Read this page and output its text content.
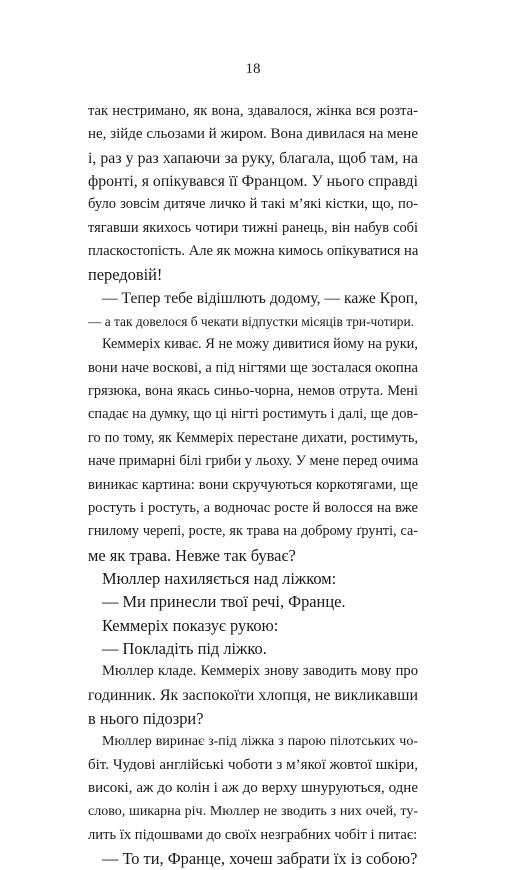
18
так нестримано, як вона, здавалося, жінка вся розта-
не, зійде сльозами й жиром. Вона дивилася на мене
і, раз у раз хапаючи за руку, благала, щоб там, на
фронті, я опікувався її Францом. У нього справді
було зовсім дитяче личко й такі м’які кістки, що, по-
тягавши якихось чотири тижні ранець, він набув собі
пласкостопість. Але як можна кимось опікуватися на
передовій!
— Тепер тебе відішлють додому, — каже Кроп,
— а так довелося б чекати відпустки місяців три-чотири.
Кеммеріх киває. Я не можу дивитися йому на руки,
вони наче воскові, а під нігтями ще зосталася окопна
грязюка, вона якась синьо-чорна, немов отрута. Мені
спадає на думку, що ці нігті ростимуть і далі, ще дов-
го по тому, як Кеммеріх перестане дихати, ростимуть,
наче примарні білі гриби у льоху. У мене перед очима
виникає картина: вони скручуються коркотягами, ще
ростуть і ростуть, а водночас росте й волосся на вже
гнилому черепі, росте, як трава на доброму ґрунті, са-
ме як трава. Невже так буває?
Мюллер нахиляється над ліжком:
— Ми принесли твої речі, Франце.
Кеммеріх показує рукою:
— Покладіть під ліжко.
Мюллер кладе. Кеммеріх знову заводить мову про
годинник. Як заспокоїти хлопця, не викликавши
в нього підозри?
Мюллер виринає з-під ліжка з парою пілотських чо-
біт. Чудові англійські чоботи з м’якої жовтої шкіри,
високі, аж до колін і аж до верху шнуруються, одне
слово, шикарна річ. Мюллер не зводить з них очей, ту-
лить їх підошвами до своїх незграбних чобіт і питає:
— То ти, Франце, хочеш забрати їх із собою?
